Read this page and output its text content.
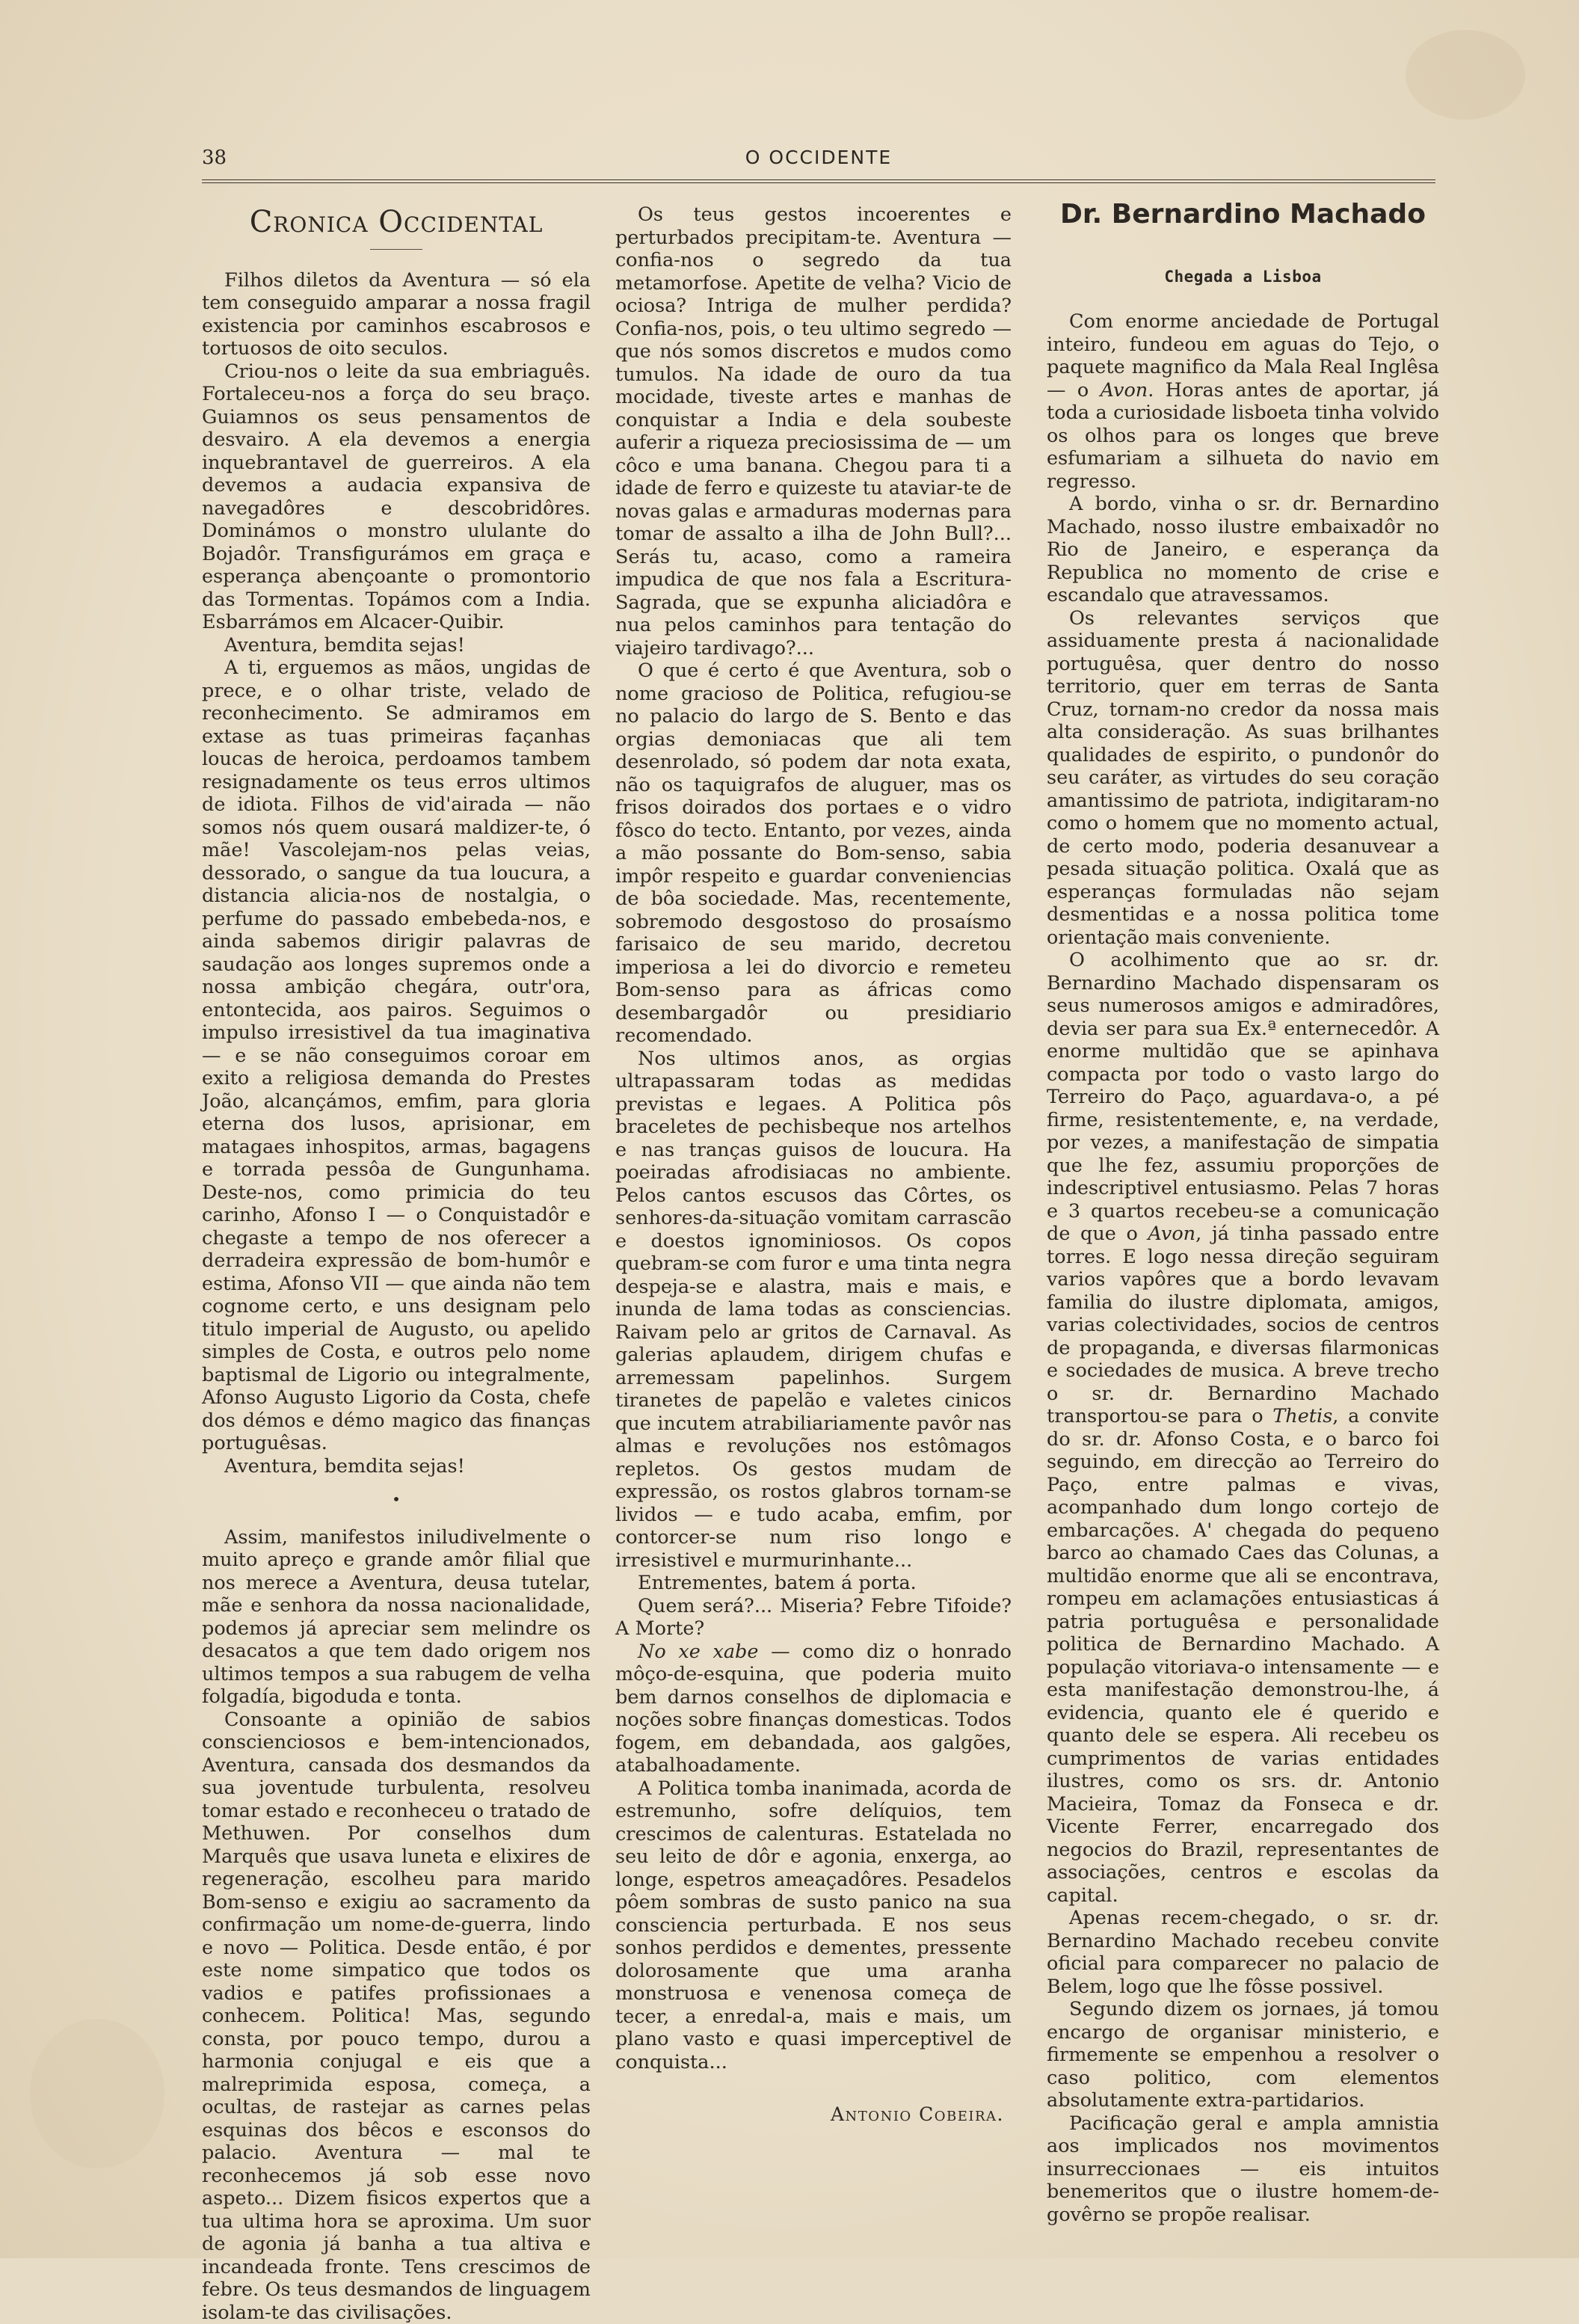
38	O OCCIDENTE
Cronica Occidental

Filhos diletos da Aventura — só ela tem conseguido amparar a nossa fragil existencia por caminhos escabrosos e tortuosos de oito seculos.

Criou-nos o leite da sua embriaguês. Fortaleceu-nos a força do seu braço. Guiamnos os seus pensamentos de desvairo. A ela devemos a energia inquebrantavel de guerreiros. A ela devemos a audacia expansiva de navegadôres e descobridôres. Dominámos o monstro ululante do Bojadôr. Transfigurámos em graça e esperança abençoante o promontorio das Tormentas. Topámos com a India. Esbarrámos em Alcacer-Quibir.

Aventura, bemdita sejas!

A ti, erguemos as mãos, ungidas de prece, e o olhar triste, velado de reconhecimento. Se admiramos em extase as tuas primeiras façanhas loucas de heroica, perdoamos tambem resignadamente os teus erros ultimos de idiota. Filhos de vid'airada — não somos nós quem ousará maldizer-te, ó mãe! Vascolejam-nos pelas veias, dessorado, o sangue da tua loucura, a distancia alicia-nos de nostalgia, o perfume do passado embebeda-nos, e ainda sabemos dirigir palavras de saudação aos longes supremos onde a nossa ambição chegára, outr'ora, entontecida, aos pairos. Seguimos o impulso irresistivel da tua imaginativa — e se não conseguimos coroar em exito a religiosa demanda do Prestes João, alcançámos, emfim, para gloria eterna dos lusos, aprisionar, em matagaes inhospitos, armas, bagagens e torrada pessôa de Gungunhama. Deste-nos, como primicia do teu carinho, Afonso I — o Conquistadôr e chegaste a tempo de nos oferecer a derradeira expressão de bom-humôr e estima, Afonso VII — que ainda não tem cognome certo, e uns designam pelo titulo imperial de Augusto, ou apelido simples de Costa, e outros pelo nome baptismal de Ligorio ou integralmente, Afonso Augusto Ligorio da Costa, chefe dos démos e démo magico das finanças portuguêsas.

Aventura, bemdita sejas!

•

Assim, manifestos iniludivelmente o muito apreço e grande amôr filial que nos merece a Aventura, deusa tutelar, mãe e senhora da nossa nacionalidade, podemos já apreciar sem melindre os desacatos a que tem dado origem nos ultimos tempos a sua rabugem de velha folgadía, bigoduda e tonta.

Consoante a opinião de sabios conscienciosos e bem-intencionados, Aventura, cansada dos desmandos da sua joventude turbulenta, resolveu tomar estado e reconheceu o tratado de Methuwen. Por conselhos dum Marquês que usava luneta e elixires de regeneração, escolheu para marido Bom-senso e exigiu ao sacramento da confirmação um nome-de-guerra, lindo e novo — Politica. Desde então, é por este nome simpatico que todos os vadios e patifes profissionaes a conhecem. Politica! Mas, segundo consta, por pouco tempo, durou a harmonia conjugal e eis que a malreprimida esposa, começa, a ocultas, de rastejar as carnes pelas esquinas dos bêcos e esconsos do palacio. Aventura — mal te reconhecemos já sob esse novo aspeto... Dizem fisicos expertos que a tua ultima hora se aproxima. Um suor de agonia já banha a tua altiva e incandeada fronte. Tens crescimos de febre. Os teus desmandos de linguagem isolam-te das civilisações.

Os teus gestos incoerentes e perturbados precipitam-te. Aventura — confia-nos o segredo da tua metamorfose. Apetite de velha? Vicio de ociosa? Intriga de mulher perdida? Confia-nos, pois, o teu ultimo segredo — que nós somos discretos e mudos como tumulos. Na idade de ouro da tua mocidade, tiveste artes e manhas de conquistar a India e dela soubeste auferir a riqueza preciosissima de — um côco e uma banana. Chegou para ti a idade de ferro e quizeste tu ataviar-te de novas galas e armaduras modernas para tomar de assalto a ilha de John Bull?... Serás tu, acaso, como a rameira impudica de que nos fala a Escritura-Sagrada, que se expunha aliciadôra e nua pelos caminhos para tentação do viajeiro tardivago?...

O que é certo é que Aventura, sob o nome gracioso de Politica, refugiou-se no palacio do largo de S. Bento e das orgias demoniacas que ali tem desenrolado, só podem dar nota exata, não os taquigrafos de aluguer, mas os frisos doirados dos portaes e o vidro fôsco do tecto. Entanto, por vezes, ainda a mão possante do Bom-senso, sabia impôr respeito e guardar conveniencias de bôa sociedade. Mas, recentemente, sobremodo desgostoso do prosaísmo farisaico de seu marido, decretou imperiosa a lei do divorcio e remeteu Bom-senso para as áfricas como desembargadôr ou presidiario recomendado.

Nos ultimos anos, as orgias ultrapassaram todas as medidas previstas e legaes. A Politica pôs braceletes de pechisbeque nos artelhos e nas tranças guisos de loucura. Ha poeiradas afrodisiacas no ambiente. Pelos cantos escusos das Côrtes, os senhores-da-situação vomitam carrascão e doestos ignominiosos. Os copos quebram-se com furor e uma tinta negra despeja-se e alastra, mais e mais, e inunda de lama todas as consciencias. Raivam pelo ar gritos de Carnaval. As galerias aplaudem, dirigem chufas e arremessam papelinhos. Surgem tiranetes de papelão e valetes cinicos que incutem atrabiliariamente pavôr nas almas e revoluções nos estômagos repletos. Os gestos mudam de expressão, os rostos glabros tornam-se lividos — e tudo acaba, emfim, por contorcer-se num riso longo e irresistivel e murmurinhante...

Entrementes, batem á porta.

Quem será?... Miseria? Febre Tifoide? A Morte?

No xe xabe — como diz o honrado môço-de-esquina, que poderia muito bem darnos conselhos de diplomacia e noções sobre finanças domesticas. Todos fogem, em debandada, aos galgões, atabalhoadamente.

A Politica tomba inanimada, acorda de estremunho, sofre delíquios, tem crescimos de calenturas. Estatelada no seu leito de dôr e agonia, enxerga, ao longe, espetros ameaçadôres. Pesadelos pôem sombras de susto panico na sua consciencia perturbada. E nos seus sonhos perdidos e dementes, pressente dolorosamente que uma aranha monstruosa e venenosa começa de tecer, a enredal-a, mais e mais, um plano vasto e quasi imperceptivel de conquista...

Antonio Cobeira.
Dr. Bernardino Machado
Chegada a Lisboa

Com enorme anciedade de Portugal inteiro, fundeou em aguas do Tejo, o paquete magnifico da Mala Real Inglêsa — o Avon. Horas antes de aportar, já toda a curiosidade lisboeta tinha volvido os olhos para os longes que breve esfumariam a silhueta do navio em regresso.

A bordo, vinha o sr. dr. Bernardino Machado, nosso ilustre embaixadôr no Rio de Janeiro, e esperança da Republica no momento de crise e escandalo que atravessamos.

Os relevantes serviços que assiduamente presta á nacionalidade portuguêsa, quer dentro do nosso territorio, quer em terras de Santa Cruz, tornam-no credor da nossa mais alta consideração. As suas brilhantes qualidades de espirito, o pundonôr do seu caráter, as virtudes do seu coração amantissimo de patriota, indigitaram-no como o homem que no momento actual, de certo modo, poderia desanuvear a pesada situação politica. Oxalá que as esperanças formuladas não sejam desmentidas e a nossa politica tome orientação mais conveniente.

O acolhimento que ao sr. dr. Bernardino Machado dispensaram os seus numerosos amigos e admiradôres, devia ser para sua Ex.ª enternecedôr. A enorme multidão que se apinhava compacta por todo o vasto largo do Terreiro do Paço, aguardava-o, a pé firme, resistentemente, e, na verdade, por vezes, a manifestação de simpatia que lhe fez, assumiu proporções de indescriptivel entusiasmo. Pelas 7 horas e 3 quartos recebeu-se a comunicação de que o Avon, já tinha passado entre torres. E logo nessa direção seguiram varios vapôres que a bordo levavam familia do ilustre diplomata, amigos, varias colectividades, socios de centros de propaganda, e diversas filarmonicas e sociedades de musica. A breve trecho o sr. dr. Bernardino Machado transportou-se para o Thetis, a convite do sr. dr. Afonso Costa, e o barco foi seguindo, em direcção ao Terreiro do Paço, entre palmas e vivas, acompanhado dum longo cortejo de embarcações. A' chegada do pequeno barco ao chamado Caes das Colunas, a multidão enorme que ali se encontrava, rompeu em aclamações entusiasticas á patria portuguêsa e personalidade politica de Bernardino Machado. A população vitoriava-o intensamente — e esta manifestação demonstrou-lhe, á evidencia, quanto ele é querido e quanto dele se espera. Ali recebeu os cumprimentos de varias entidades ilustres, como os srs. dr. Antonio Macieira, Tomaz da Fonseca e dr. Vicente Ferrer, encarregado dos negocios do Brazil, representantes de associações, centros e escolas da capital.

Apenas recem-chegado, o sr. dr. Bernardino Machado recebeu convite oficial para comparecer no palacio de Belem, logo que lhe fôsse possivel.

Segundo dizem os jornaes, já tomou encargo de organisar ministerio, e firmemente se empenhou a resolver o caso politico, com elementos absolutamente extra-partidarios.

Pacificação geral e ampla amnistia aos implicados nos movimentos insurreccionaes — eis intuitos benemeritos que o ilustre homem-de-govêrno se propõe realisar.
